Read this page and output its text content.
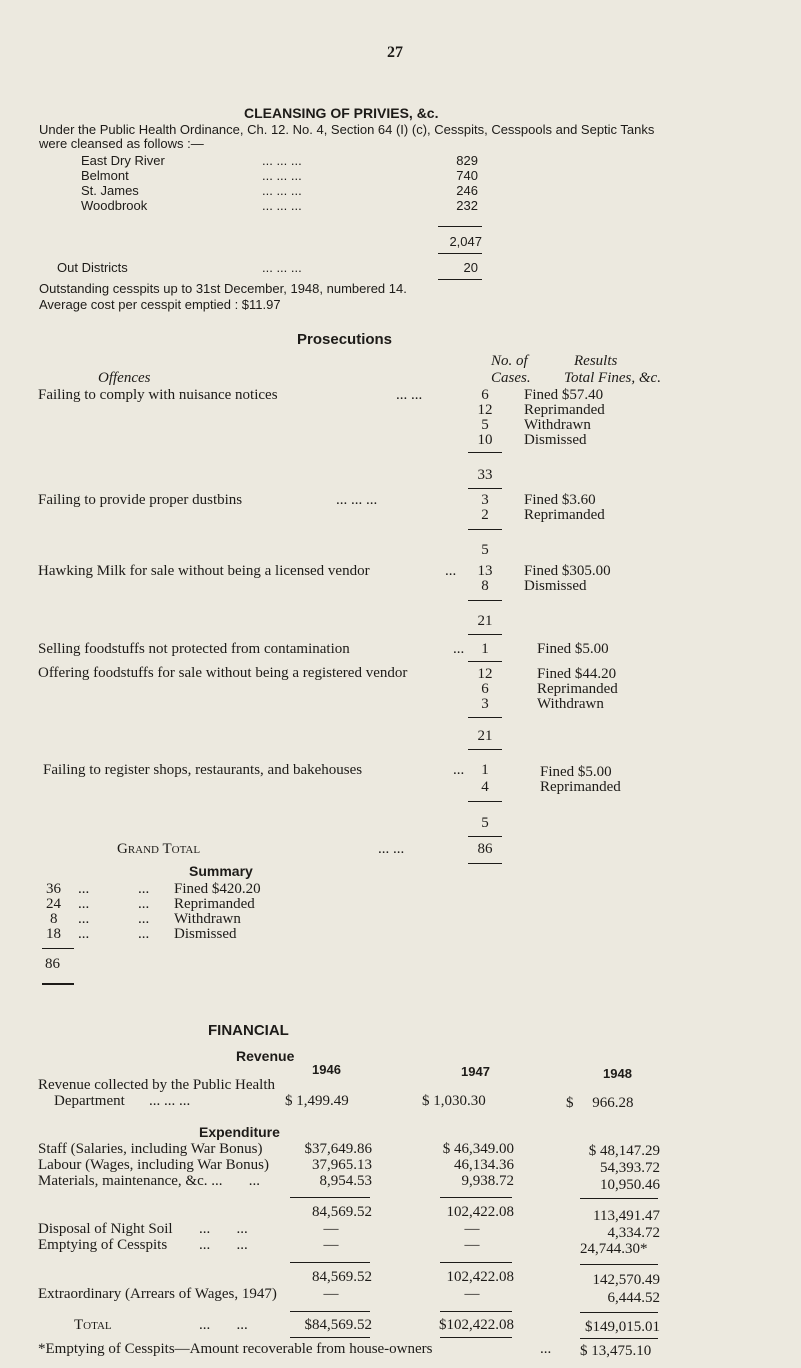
27
CLEANSING OF PRIVIES, &c.
Under the Public Health Ordinance, Ch. 12. No. 4, Section 64 (I) (c), Cesspits, Cesspools and Septic Tanks
were cleansed as follows :—
East Dry River	... ... ...	829
Belmont	... ... ...	740
St. James	... ... ...	246
Woodbrook	... ... ...	232
2,047
Out Districts	... ... ...	20
Outstanding cesspits up to 31st December, 1948, numbered 14.
Average cost per cesspit emptied : $11.97
Prosecutions
No. of	Results
Offences	Cases. Total Fines, &c.
Failing to comply with nuisance notices	... ...	6	Fined $57.40
12	Reprimanded
5	Withdrawn
10	Dismissed
33
Failing to provide proper dustbins	... ... ...	3	Fined $3.60
2	Reprimanded
5
Hawking Milk for sale without being a licensed vendor	...	13	Fined $305.00
8	Dismissed
21
Selling foodstuffs not protected from contamination	...	1	Fined $5.00
Offering foodstuffs for sale without being a registered vendor	12	Fined $44.20
6	Reprimanded
3	Withdrawn
21
Failing to register shops, restaurants, and bakehouses	...	1	Fined $5.00
4	Reprimanded
5
Grand Total	... ...	86
Summary
36 ...	... Fined $420.20
24 ...	... Reprimanded
8 ...	... Withdrawn
18 ...	... Dismissed
86
FINANCIAL
Revenue
1946	1947	1948
Revenue collected by the Public Health
Department ... ... ...	$ 1,499.49	$ 1,030.30	$     966.28
Expenditure
Staff (Salaries, including War Bonus)	$37,649.86	$ 46,349.00	$ 48,147.29
Labour (Wages, including War Bonus)	37,965.13	46,134.36	54,393.72
Materials, maintenance, &c. ...       ...	8,954.53	9,938.72	10,950.46
84,569.52	102,422.08	113,491.47
Disposal of Night Soil ...       ...	—	—	4,334.72
Emptying of Cesspits ...       ...	—	—	24,744.30*
84,569.52	102,422.08	142,570.49
Extraordinary (Arrears of Wages, 1947)	—	—	6,444.52
Total	...       ...	$84,569.52	$102,422.08	$149,015.01
*Emptying of Cesspits—Amount recoverable from house-owners	... $ 13,475.10
